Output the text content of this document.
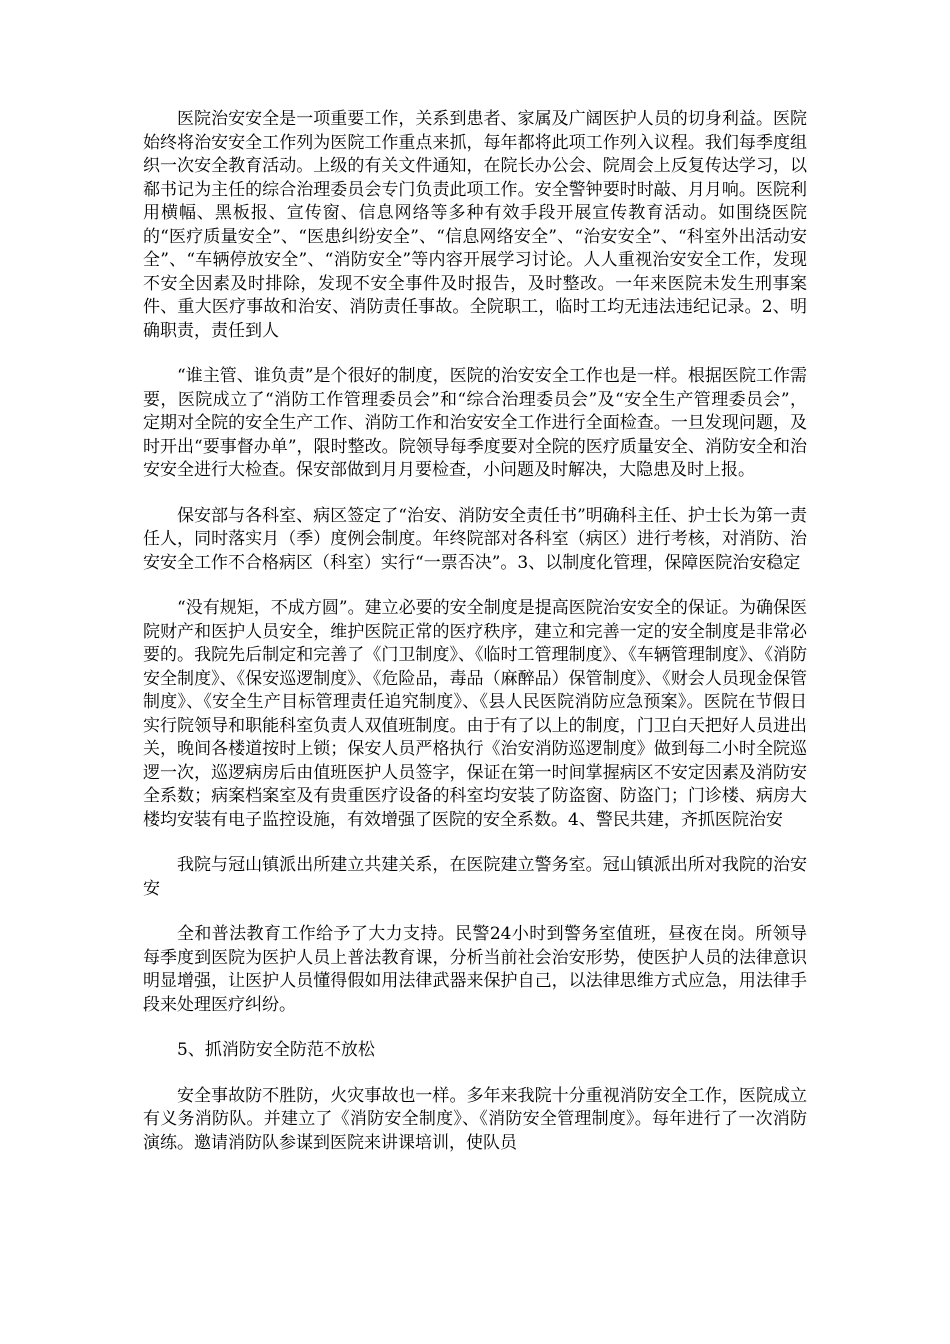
医院治安安全是一项重要工作，关系到患者、家属及广阔医护人员的切身利益。医院始终将治安安全工作列为医院工作重点来抓，每年都将此项工作列入议程。我们每季度组织一次安全教育活动。上级的有关文件通知，在院长办公会、院周会上反复传达学习，以郗书记为主任的综合治理委员会专门负责此项工作。安全警钟要时时敲、月月响。医院利用横幅、黑板报、宣传窗、信息网络等多种有效手段开展宣传教育活动。如围绕医院的“医疗质量安全”、“医患纠纷安全”、“信息网络安全”、“治安安全”、“科室外出活动安全”、“车辆停放安全”、“消防安全”等内容开展学习讨论。人人重视治安安全工作，发现不安全因素及时排除，发现不安全事件及时报告，及时整改。一年来医院未发生刑事案件、重大医疗事故和治安、消防责任事故。全院职工，临时工均无违法违纪记录。2、明确职责，责任到人

“谁主管、谁负责”是个很好的制度，医院的治安安全工作也是一样。根据医院工作需要，医院成立了“消防工作管理委员会”和“综合治理委员会”及“安全生产管理委员会”，定期对全院的安全生产工作、消防工作和治安安全工作进行全面检查。一旦发现问题，及时开出“要事督办单”，限时整改。院领导每季度要对全院的医疗质量安全、消防安全和治安安全进行大检查。保安部做到月月要检查，小问题及时解决，大隐患及时上报。

保安部与各科室、病区签定了“治安、消防安全责任书”明确科主任、护士长为第一责任人，同时落实月（季）度例会制度。年终院部对各科室（病区）进行考核，对消防、治安安全工作不合格病区（科室）实行“一票否决”。3、以制度化管理，保障医院治安稳定

“没有规矩，不成方圆”。建立必要的安全制度是提高医院治安安全的保证。为确保医院财产和医护人员安全，维护医院正常的医疗秩序，建立和完善一定的安全制度是非常必要的。我院先后制定和完善了《门卫制度》、《临时工管理制度》、《车辆管理制度》、《消防安全制度》、《保安巡逻制度》、《危险品，毒品（麻醉品）保管制度》、《财会人员现金保管制度》、《安全生产目标管理责任追究制度》、《县人民医院消防应急预案》。医院在节假日实行院领导和职能科室负责人双值班制度。由于有了以上的制度，门卫白天把好人员进出关，晚间各楼道按时上锁；保安人员严格执行《治安消防巡逻制度》做到每二小时全院巡逻一次，巡逻病房后由值班医护人员签字，保证在第一时间掌握病区不安定因素及消防安全系数；病案档案室及有贵重医疗设备的科室均安装了防盗窗、防盗门；门诊楼、病房大楼均安装有电子监控设施，有效增强了医院的安全系数。4、警民共建，齐抓医院治安

我院与冠山镇派出所建立共建关系，在医院建立警务室。冠山镇派出所对我院的治安安

全和普法教育工作给予了大力支持。民警24小时到警务室值班，昼夜在岗。所领导每季度到医院为医护人员上普法教育课，分析当前社会治安形势，使医护人员的法律意识明显增强，让医护人员懂得假如用法律武器来保护自己，以法律思维方式应急，用法律手段来处理医疗纠纷。

5、抓消防安全防范不放松

安全事故防不胜防，火灾事故也一样。多年来我院十分重视消防安全工作，医院成立有义务消防队。并建立了《消防安全制度》、《消防安全管理制度》。每年进行了一次消防演练。邀请消防队参谋到医院来讲课培训，使队员
